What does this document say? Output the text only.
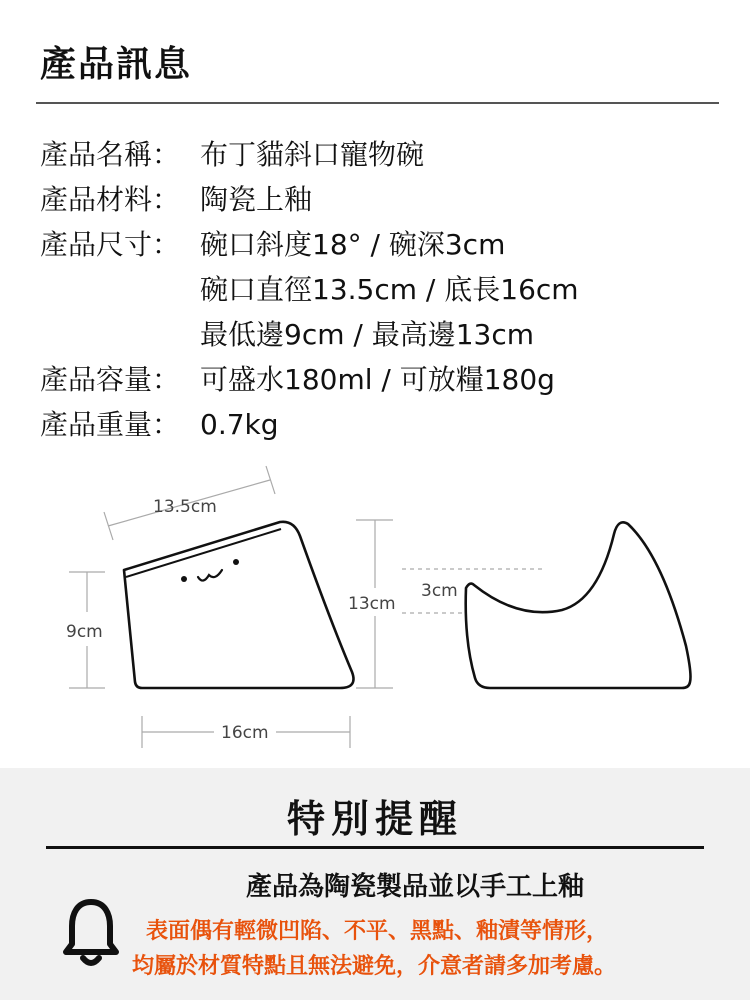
產品訊息
產品名稱： 布丁貓斜口寵物碗
產品材料： 陶瓷上釉
產品尺寸： 碗口斜度18° / 碗深3cm
碗口直徑13.5cm / 底長16cm
最低邊9cm / 最高邊13cm
產品容量： 可盛水180ml / 可放糧180g
產品重量： 0.7kg
13.5cm
9cm
16cm
13cm
3cm
特別提醒
產品為陶瓷製品並以手工上釉
表面偶有輕微凹陷、不平、黑點、釉漬等情形，
均屬於材質特點且無法避免，介意者請多加考慮。
